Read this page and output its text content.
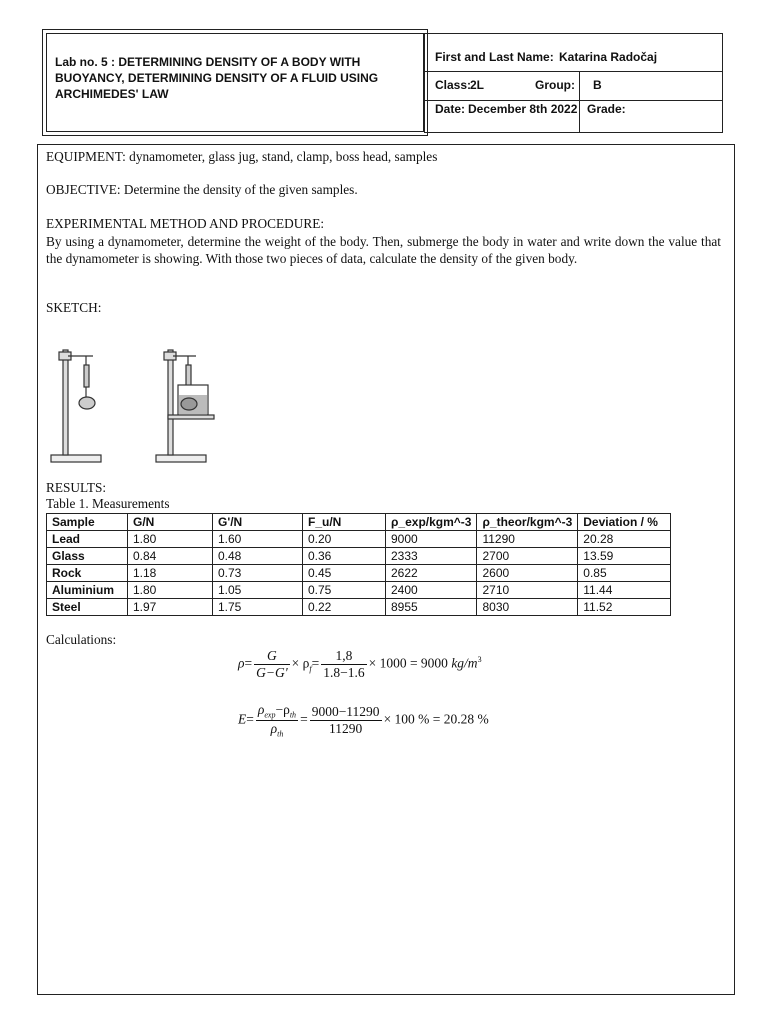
Lab no. 5 : DETERMINING DENSITY OF A BODY WITH BUOYANCY, DETERMINING DENSITY OF A FLUID USING ARCHIMEDES' LAW
First and Last Name: Katarina Radočaj
Class:
2L	Group: B
Date: December 8th 2022 Grade:
EQUIPMENT: dynamometer, glass jug, stand, clamp, boss head, samples
OBJECTIVE: Determine the density of the given samples.
EXPERIMENTAL METHOD AND PROCEDURE:
By using a dynamometer, determine the weight of the body. Then, submerge the body in water and write down the value that the dynamometer is showing. With those two pieces of data, calculate the density of the given body.
SKETCH:
RESULTS:
Table 1. Measurements
Sample	G/N	G'/N	F_u/N	ρ_exp/kgm^-3	ρ_theor/kgm^-3	Deviation / %
Lead	1.80	1.60	0.20	9000	11290	20.28
Glass	0.84	0.48	0.36	2333	2700	13.59
Rock	1.18	0.73	0.45	2622	2600	0.85
Aluminium	1.80	1.05	0.75	2400	2710	11.44
Steel	1.97	1.75	0.22	8955	8030	11.52
Calculations:
$\rho= \frac{G}{G-G'} \times \rho_f= \frac{1,8}{1.8-1.6} \times 1000 = 9000$ $kg/m^3$
$E= \frac{\rho_{exp}-\rho_{th}}{\rho_{th}} = \frac{9000-11290}{11290} \times 100$ % = 20.28 %
